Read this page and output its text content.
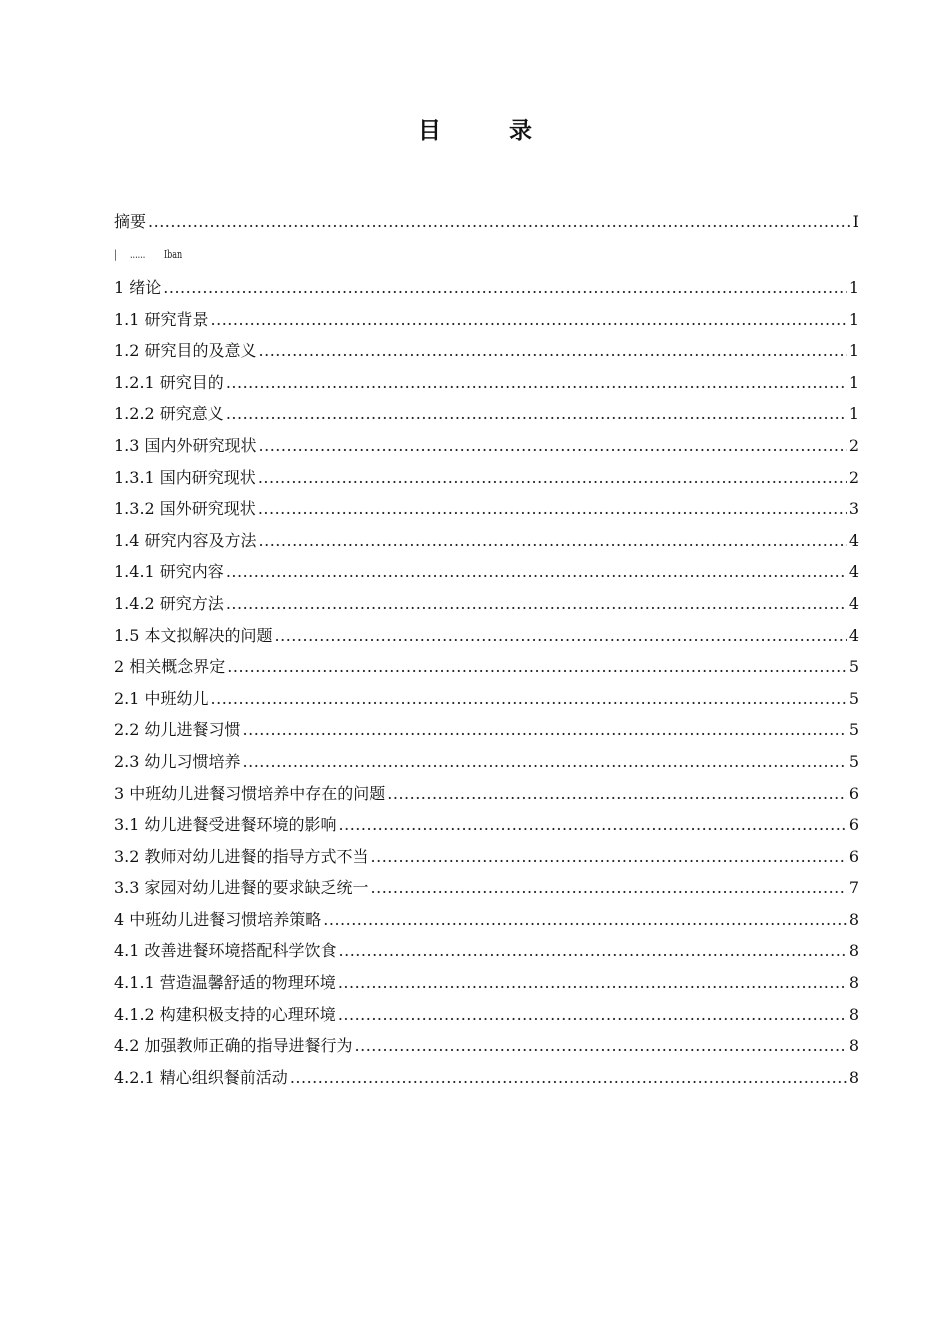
目 录
摘要 .....	I
| ...... Iban
1 绪论 .....	1
1.1 研究背景 .....	1
1.2 研究目的及意义 .....	1
1.2.1 研究目的 .....	1
1.2.2 研究意义 .....	1
1.3 国内外研究现状 .....	2
1.3.1 国内研究现状 .....	2
1.3.2 国外研究现状 .....	3
1.4 研究内容及方法 .....	4
1.4.1 研究内容 .....	4
1.4.2 研究方法 .....	4
1.5 本文拟解决的问题 .....	4
2 相关概念界定 .....	5
2.1 中班幼儿 .....	5
2.2 幼儿进餐习惯 .....	5
2.3 幼儿习惯培养 .....	5
3 中班幼儿进餐习惯培养中存在的问题 .....	6
3.1 幼儿进餐受进餐环境的影响 .....	6
3.2 教师对幼儿进餐的指导方式不当 .....	6
3.3 家园对幼儿进餐的要求缺乏统一 .....	7
4 中班幼儿进餐习惯培养策略 .....	8
4.1 改善进餐环境搭配科学饮食 .....	8
4.1.1 营造温馨舒适的物理环境 .....	8
4.1.2 构建积极支持的心理环境 .....	8
4.2 加强教师正确的指导进餐行为 .....	8
4.2.1 精心组织餐前活动 .....	8
